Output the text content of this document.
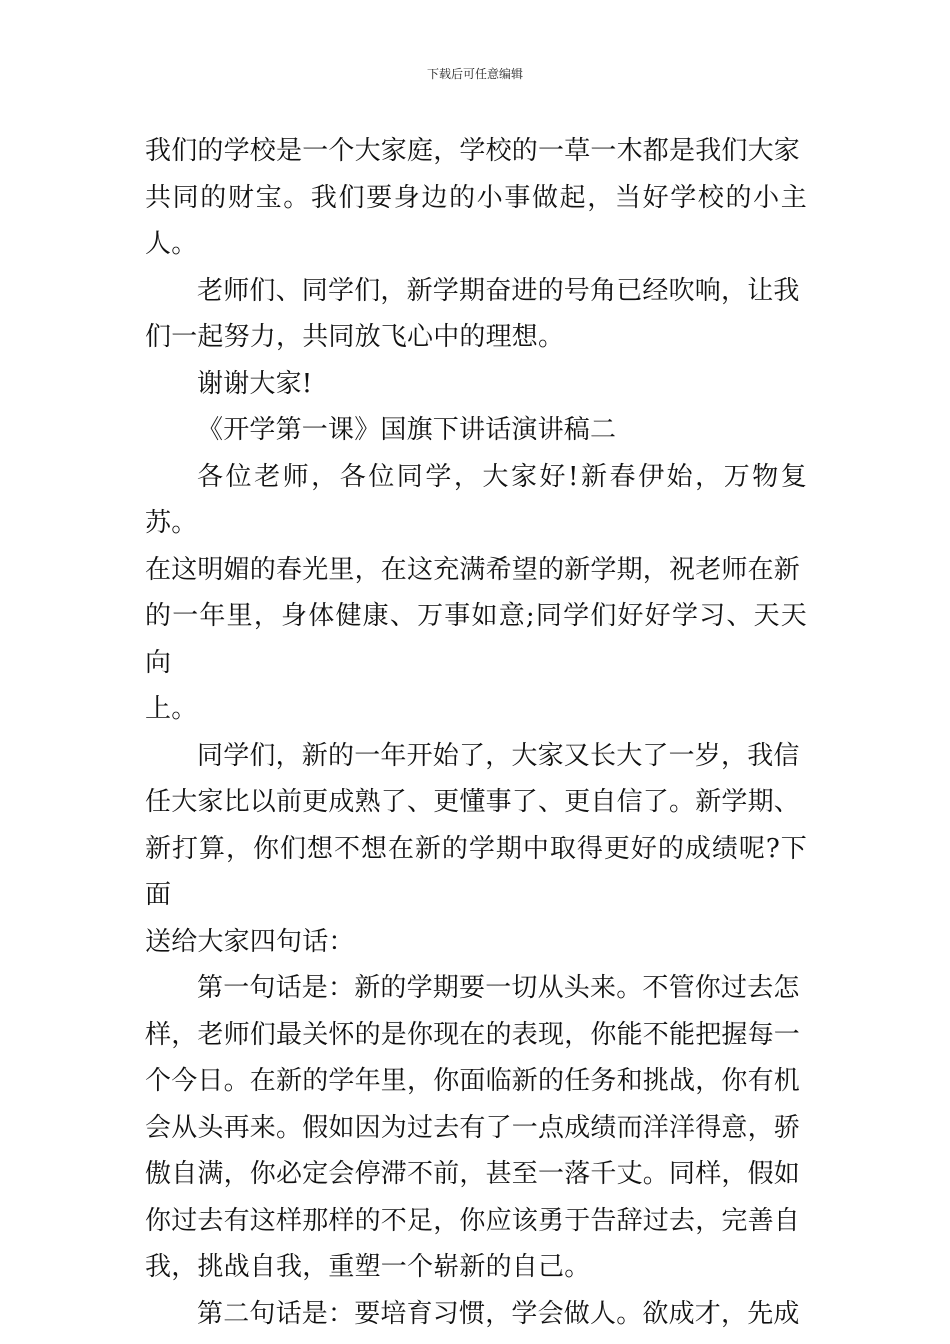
下载后可任意编辑

我们的学校是一个大家庭，学校的一草一木都是我们大家
共同的财宝。我们要身边的小事做起，当好学校的小主人。

老师们、同学们，新学期奋进的号角已经吹响，让我
们一起努力，共同放飞心中的理想。

谢谢大家!

《开学第一课》国旗下讲话演讲稿二

各位老师，各位同学，大家好!新春伊始，万物复苏。
在这明媚的春光里，在这充满希望的新学期，祝老师在新
的一年里，身体健康、万事如意;同学们好好学习、天天向
上。

同学们，新的一年开始了，大家又长大了一岁，我信
任大家比以前更成熟了、更懂事了、更自信了。新学期、
新打算，你们想不想在新的学期中取得更好的成绩呢?下面
送给大家四句话：

第一句话是：新的学期要一切从头来。不管你过去怎
样，老师们最关怀的是你现在的表现，你能不能把握每一
个今日。在新的学年里，你面临新的任务和挑战，你有机
会从头再来。假如因为过去有了一点成绩而洋洋得意，骄
傲自满，你必定会停滞不前，甚至一落千丈。同样，假如
你过去有这样那样的不足，你应该勇于告辞过去，完善自
我，挑战自我，重塑一个崭新的自己。

第二句话是：要培育习惯，学会做人。欲成才，先成
